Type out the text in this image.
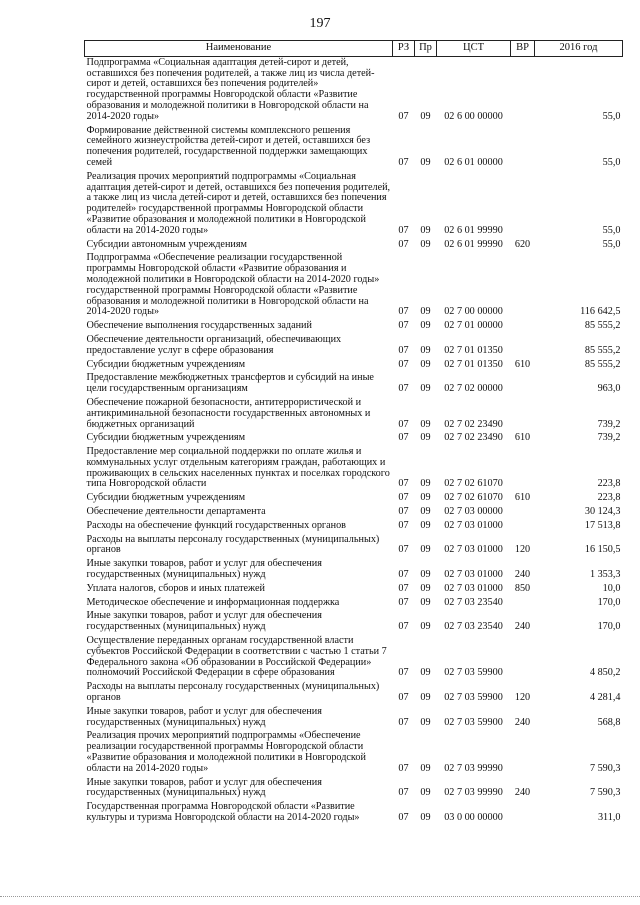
197
Наименование	РЗ	Пр	ЦСТ	ВР	2016 год
Подпрограмма «Социальная адаптация детей-сирот и детей, оставшихся без попечения родителей, а также лиц из числа детей-сирот и детей, оставшихся без попечения родителей» государственной программы Новгородской области «Развитие образования и молодежной политики в Новгородской области на 2014-2020 годы»	07	09	02 6 00 00000		55,0
Формирование действенной системы комплексного решения семейного жизнеустройства детей-сирот и детей, оставшихся без попечения родителей, государственной поддержки замещающих семей	07	09	02 6 01 00000		55,0
Реализация прочих мероприятий подпрограммы «Социальная адаптация детей-сирот и детей, оставшихся без попечения родителей, а также лиц из числа детей-сирот и детей, оставшихся без попечения родителей» государственной программы Новгородской области «Развитие образования и молодежной политики в Новгородской области на 2014-2020 годы»	07	09	02 6 01 99990		55,0
Субсидии автономным учреждениям	07	09	02 6 01 99990	620	55,0
Подпрограмма «Обеспечение реализации государственной программы Новгородской области «Развитие образования и молодежной политики в Новгородской области на 2014-2020 годы» государственной программы Новгородской области «Развитие образования и молодежной политики в Новгородской области на 2014-2020 годы»	07	09	02 7 00 00000		116 642,5
Обеспечение выполнения государственных заданий	07	09	02 7 01 00000		85 555,2
Обеспечение деятельности организаций, обеспечивающих предоставление услуг в сфере образования	07	09	02 7 01 01350		85 555,2
Субсидии бюджетным учреждениям	07	09	02 7 01 01350	610	85 555,2
Предоставление межбюджетных трансфертов и субсидий на иные цели государственным организациям	07	09	02 7 02 00000		963,0
Обеспечение пожарной безопасности, антитеррористической и антикриминальной безопасности государственных автономных и бюджетных организаций	07	09	02 7 02 23490		739,2
Субсидии бюджетным учреждениям	07	09	02 7 02 23490	610	739,2
Предоставление мер социальной поддержки по оплате жилья и коммунальных услуг отдельным категориям граждан, работающих и проживающих в сельских населенных пунктах и поселках городского типа Новгородской области	07	09	02 7 02 61070		223,8
Субсидии бюджетным учреждениям	07	09	02 7 02 61070	610	223,8
Обеспечение деятельности департамента	07	09	02 7 03 00000		30 124,3
Расходы на обеспечение функций государственных органов	07	09	02 7 03 01000		17 513,8
Расходы на выплаты персоналу государственных (муниципальных) органов	07	09	02 7 03 01000	120	16 150,5
Иные закупки товаров, работ и услуг для обеспечения государственных (муниципальных) нужд	07	09	02 7 03 01000	240	1 353,3
Уплата налогов, сборов и иных платежей	07	09	02 7 03 01000	850	10,0
Методическое обеспечение и информационная поддержка	07	09	02 7 03 23540		170,0
Иные закупки товаров, работ и услуг для обеспечения государственных (муниципальных) нужд	07	09	02 7 03 23540	240	170,0
Осуществление переданных органам государственной власти субъектов Российской Федерации в соответствии с частью 1 статьи 7 Федерального закона «Об образовании в Российской Федерации» полномочий Российской Федерации в сфере образования	07	09	02 7 03 59900		4 850,2
Расходы на выплаты персоналу государственных (муниципальных) органов	07	09	02 7 03 59900	120	4 281,4
Иные закупки товаров, работ и услуг для обеспечения государственных (муниципальных) нужд	07	09	02 7 03 59900	240	568,8
Реализация прочих мероприятий подпрограммы «Обеспечение реализации государственной программы Новгородской области «Развитие образования и молодежной политики в Новгородской области на 2014-2020 годы»	07	09	02 7 03 99990		7 590,3
Иные закупки товаров, работ и услуг для обеспечения государственных (муниципальных) нужд	07	09	02 7 03 99990	240	7 590,3
Государственная программа Новгородской области «Развитие культуры и туризма Новгородской области на 2014-2020 годы»	07	09	03 0 00 00000		311,0
